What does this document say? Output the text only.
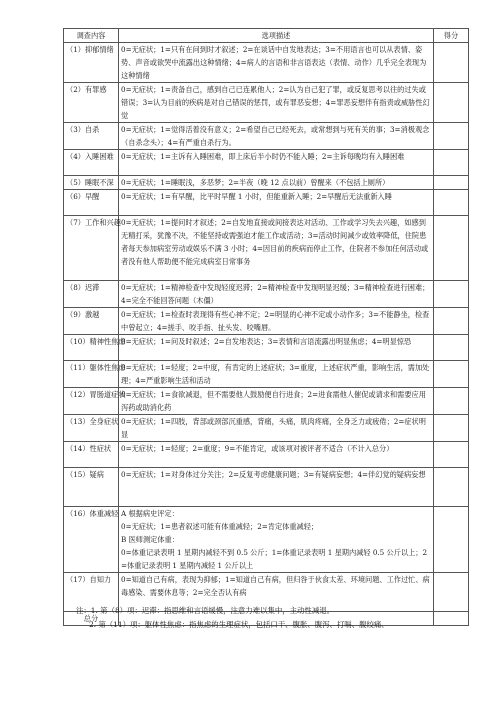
调查内容	选项描述	得分
（1）抑郁情绪	0=无症状；1=只有在问到时才叙述；2=在谈话中自发地表达；3=不用语言也可以从表情、姿势、声音或欲哭中流露出这种情绪；4=病人的言语和非言语表达（表情、动作）几乎完全表现为这种情绪	
（2）有罪感	0=无症状；1=责备自己，感到自己已连累他人；2=认为自己犯了罪，或反复思考以往的过失或错误；3=认为目前的疾病是对自己错误的惩罚，或有罪恶妄想；4=罪恶妄想伴有指责或威胁性幻觉	
（3）自杀	0=无症状；1=觉得活着没有意义；2=希望自己已经死去，或常想到与死有关的事；3=消极观念（自杀念头）；4=有严重自杀行为。	
（4）入睡困难	0=无症状；1=主诉有入睡困难，即上床后半小时仍不能入睡；2=主诉每晚均有入睡困难	
（5）睡眠不深	0=无症状；1=睡眠浅，多恶梦；2=半夜（晚 12 点以前）曾醒来（不包括上厕所）	
（6）早醒	0=无症状；1=有早醒，比平时早醒 1 小时，但能重新入睡；2=早醒后无法重新入睡	
（7）工作和兴趣	0=无症状；1=提问时才叙述；2=自发地直接或间接表达对活动、工作或学习失去兴趣，如感到无精打采，犹豫不决，不能坚持或需强迫才能工作或活动；3=活动时间减少或效率降低，住院患者每天参加病室劳动或娱乐不满 3 小时；4=因目前的疾病而停止工作，住院者不参加任何活动或者没有他人帮助便不能完成病室日常事务	
（8）迟滞	0=无症状；1=精神检查中发现轻度迟滞；2=精神检查中发现明显迟缓；3=精神检查进行困难；4=完全不能回答问题（木僵）	
（9）激越	0=无症状；1=检查时表现得有些心神不定；2=明显的心神不定或小动作多；3=不能静坐，检查中曾起立；4=搓手、咬手指、扯头发、咬嘴唇。	
（10）精神性焦虑	0=无症状；1=问及时叙述；2=自发地表达；3=表情和言语流露出明显焦虑；4=明显惊恐	
（11）躯体性焦虑	0=无症状；1=轻度；2=中度，有肯定的上述症状；3=重度，上述症状严重，影响生活，需加处理；4=严重影响生活和活动	
（12）胃肠道症状	0=无症状；1=食欲减退，但不需要他人鼓励便自行进食；2=进食需他人催促或请求和需要应用泻药或助消化药	
（13）全身症状	0=无症状；1=四肢，背部或颈部沉重感，背痛，头痛，肌肉疼痛，全身乏力或疲倦；2=症状明显	
（14）性症状	0=无症状；1=轻度；2=重度；9=不能肯定，或该项对被评者不适合（不计入总分）	
（15）疑病	0=无症状；1=对身体过分关注；2=反复考虑健康问题；3=有疑病妄想；4=伴幻觉的疑病妄想	
（16）体重减轻	A 根据病史评定：
0=无症状；1=患者叙述可能有体重减轻；2=肯定体重减轻；
B 医师测定体重：
0=体重记录表明 1 星期内减轻不到 0.5 公斤；1=体重记录表明 1 星期内减轻 0.5 公斤以上；2=体重记录表明 1 星期内减轻 1 公斤以上	

（17）自知力	0=知道自己有病，表现为抑郁；1=知道自己有病，但归咎于伙食太差、环境问题、工作过忙、病毒感染、需要休息等；2=完全否认有病	
总分		
注：1. 第（8）项：迟滞：指思维和言语缓慢，注意力难以集中，主动性减退。
2. 第（11）项：躯体性焦虑：指焦虑的生理症状，包括口干、腹胀、腹泻、打嗝、腹绞痛、
